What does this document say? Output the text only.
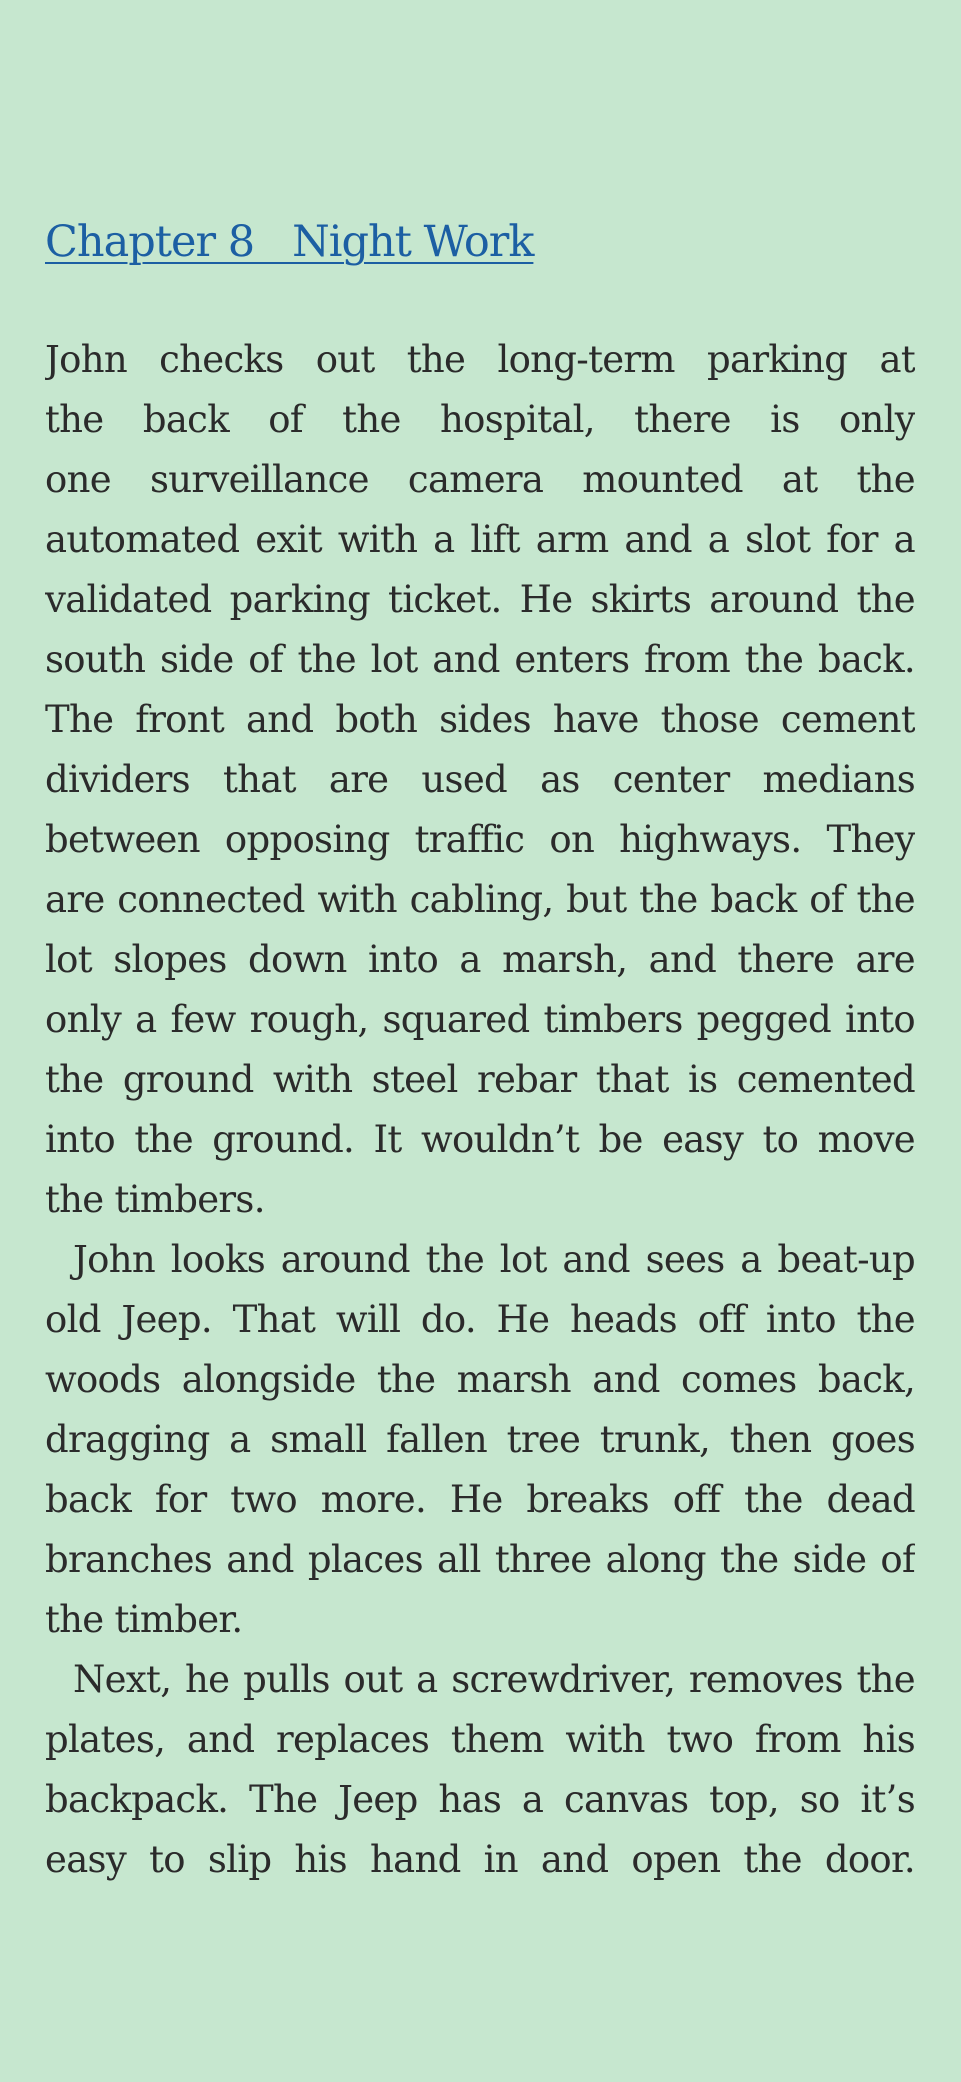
Chapter 8   Night Work
John checks out the long-term parking at
the back of the hospital, there is only
one surveillance camera mounted at the
automated exit with a lift arm and a slot for a
validated parking ticket. He skirts around the
south side of the lot and enters from the back.
The front and both sides have those cement
dividers that are used as center medians
between opposing traffic on highways. They
are connected with cabling, but the back of the
lot slopes down into a marsh, and there are
only a few rough, squared timbers pegged into
the ground with steel rebar that is cemented
into the ground. It wouldn’t be easy to move
the timbers.
John looks around the lot and sees a beat-up
old Jeep. That will do. He heads off into the
woods alongside the marsh and comes back,
dragging a small fallen tree trunk, then goes
back for two more. He breaks off the dead
branches and places all three along the side of
the timber.
Next, he pulls out a screwdriver, removes the
plates, and replaces them with two from his
backpack. The Jeep has a canvas top, so it’s
easy to slip his hand in and open the door.
